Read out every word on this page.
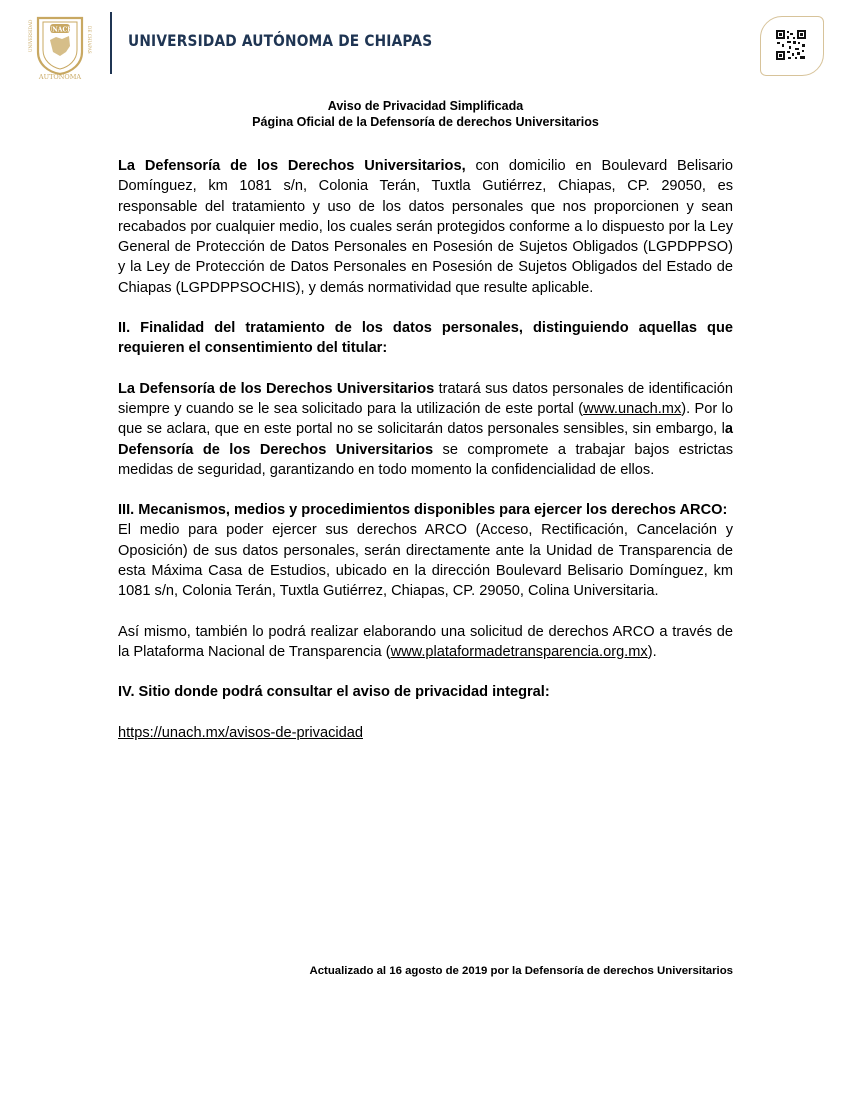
UNACH
AUTÓNOMA
UNIVERSIDAD	DE CHIAPAS UNIVERSIDAD AUTÓNOMA DE CHIAPAS
Aviso de Privacidad Simplificada
Página Oficial de la Defensoría de derechos Universitarios

La Defensoría de los Derechos Universitarios, con domicilio en Boulevard Belisario Domínguez, km 1081 s/n, Colonia Terán, Tuxtla Gutiérrez, Chiapas, CP. 29050, es responsable del tratamiento y uso de los datos personales que nos proporcionen y sean recabados por cualquier medio, los cuales serán protegidos conforme a lo dispuesto por la Ley General de Protección de Datos Personales en Posesión de Sujetos Obligados (LGPDPPSO) y la Ley de Protección de Datos Personales en Posesión de Sujetos Obligados del Estado de Chiapas (LGPDPPSOCHIS), y demás normatividad que resulte aplicable.

II. Finalidad del tratamiento de los datos personales, distinguiendo aquellas que requieren el consentimiento del titular:

La Defensoría de los Derechos Universitarios tratará sus datos personales de identificación siempre y cuando se le sea solicitado para la utilización de este portal (www.unach.mx). Por lo que se aclara, que en este portal no se solicitarán datos personales sensibles, sin embargo, la Defensoría de los Derechos Universitarios se compromete a trabajar bajos estrictas medidas de seguridad, garantizando en todo momento la confidencialidad de ellos.

III. Mecanismos, medios y procedimientos disponibles para ejercer los derechos ARCO:

El medio para poder ejercer sus derechos ARCO (Acceso, Rectificación, Cancelación y Oposición) de sus datos personales, serán directamente ante la Unidad de Transparencia de esta Máxima Casa de Estudios, ubicado en la dirección Boulevard Belisario Domínguez, km 1081 s/n, Colonia Terán, Tuxtla Gutiérrez, Chiapas, CP. 29050, Colina Universitaria.

Así mismo, también lo podrá realizar elaborando una solicitud de derechos ARCO a través de la Plataforma Nacional de Transparencia (www.plataformadetransparencia.org.mx).

IV. Sitio donde podrá consultar el aviso de privacidad integral:

https://unach.mx/avisos-de-privacidad

Actualizado al 16 agosto de 2019 por la Defensoría de derechos Universitarios
